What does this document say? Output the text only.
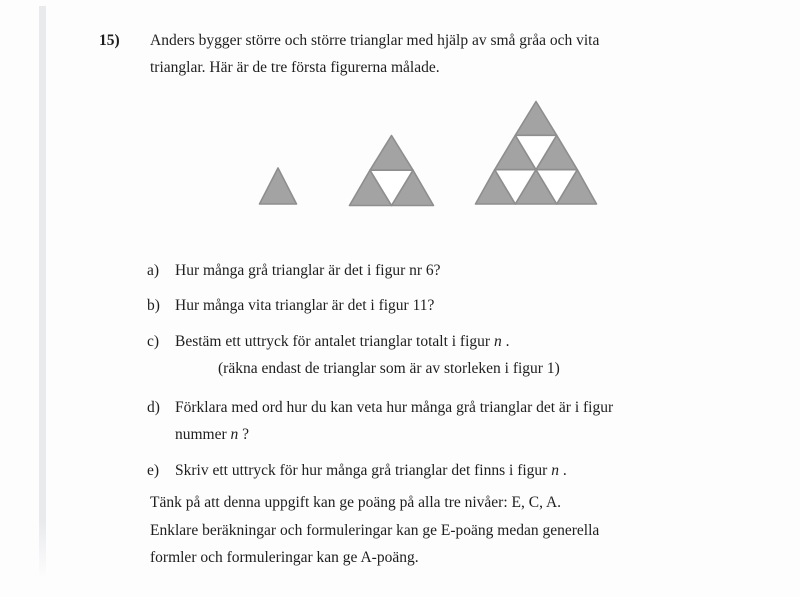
15) Anders bygger större och större trianglar med hjälp av små gråa och vita
trianglar. Här är de tre första figurerna målade.
a) Hur många grå trianglar är det i figur nr 6?
b) Hur många vita trianglar är det i figur 11?
c) Bestäm ett uttryck för antalet trianglar totalt i figur n .
(räkna endast de trianglar som är av storleken i figur 1)
d) Förklara med ord hur du kan veta hur många grå trianglar det är i figur
nummer n ?
e) Skriv ett uttryck för hur många grå trianglar det finns i figur n .
Tänk på att denna uppgift kan ge poäng på alla tre nivåer: E, C, A.
Enklare beräkningar och formuleringar kan ge E-poäng medan generella
formler och formuleringar kan ge A-poäng.
